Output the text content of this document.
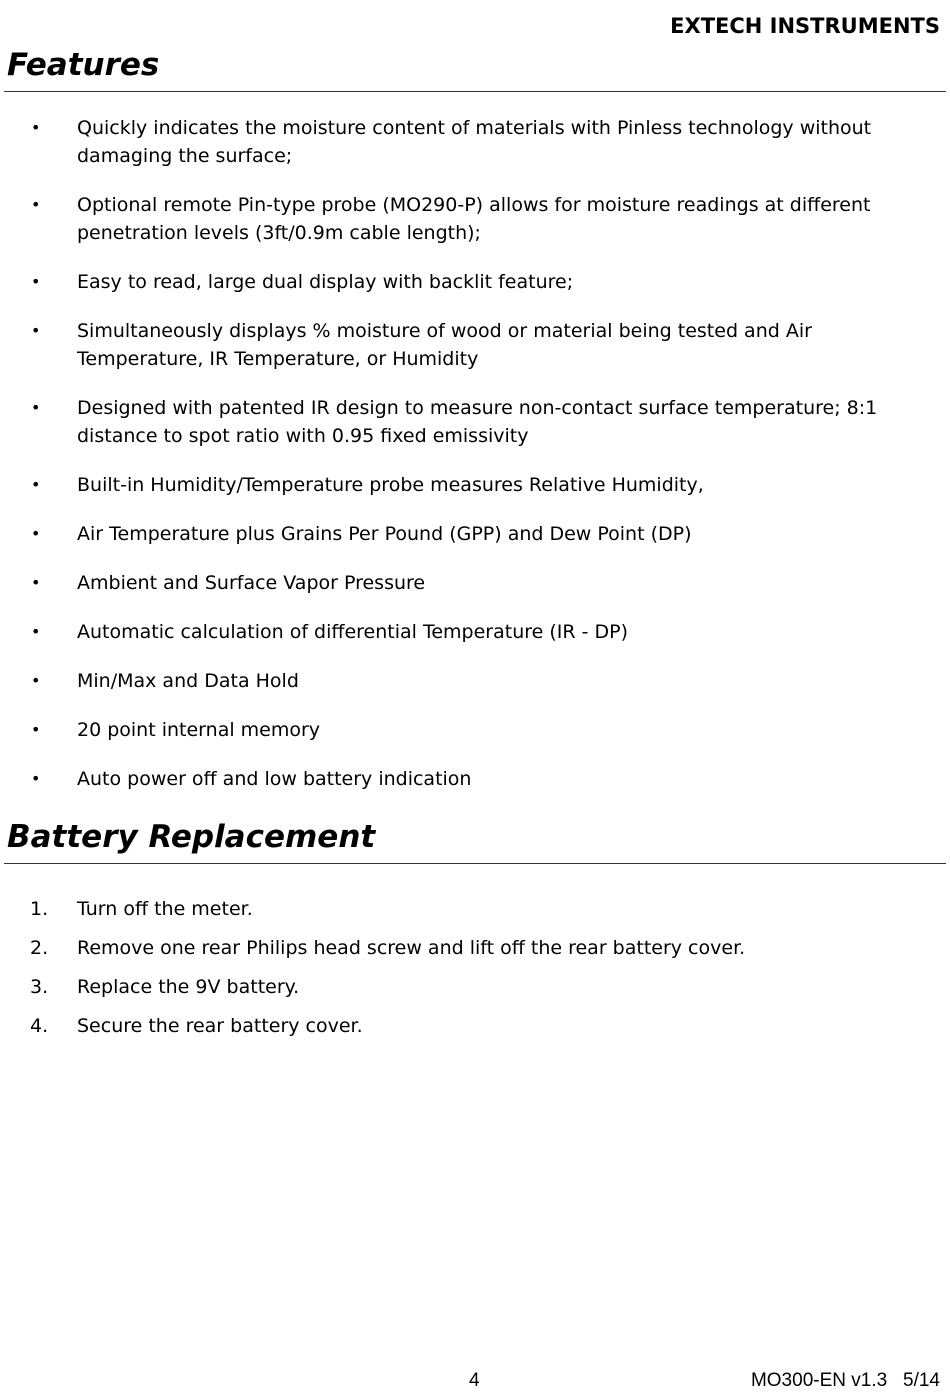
EXTECH INSTRUMENTS
Features
• Quickly indicates the moisture content of materials with Pinless technology without damaging the surface;
• Optional remote Pin-type probe (MO290-P) allows for moisture readings at different penetration levels (3ft/0.9m cable length);
• Easy to read, large dual display with backlit feature;
• Simultaneously displays % moisture of wood or material being tested and Air Temperature, IR Temperature, or Humidity
• Designed with patented IR design to measure non-contact surface temperature; 8:1 distance to spot ratio with 0.95 fixed emissivity
• Built-in Humidity/Temperature probe measures Relative Humidity,
• Air Temperature plus Grains Per Pound (GPP) and Dew Point (DP)
• Ambient and Surface Vapor Pressure
• Automatic calculation of differential Temperature (IR - DP)
• Min/Max and Data Hold
• 20 point internal memory
• Auto power off and low battery indication
Battery Replacement
1. Turn off the meter.
2. Remove one rear Philips head screw and lift off the rear battery cover.
3. Replace the 9V battery.
4. Secure the rear battery cover.
4	MO300-EN v1.3   5/14
